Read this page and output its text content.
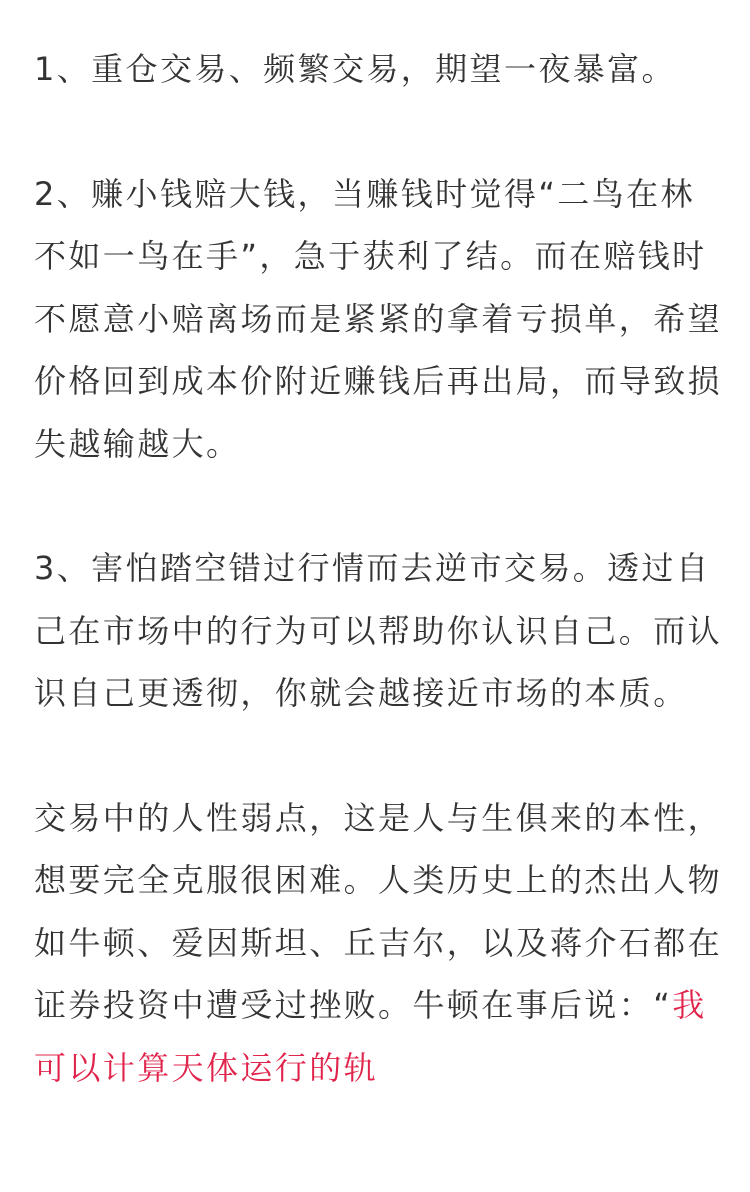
1、重仓交易、频繁交易，期望一夜暴富。

2、赚小钱赔大钱，当赚钱时觉得“二鸟在林不如一鸟在手”，急于获利了结。而在赔钱时不愿意小赔离场而是紧紧的拿着亏损单，希望价格回到成本价附近赚钱后再出局，而导致损失越输越大。

3、害怕踏空错过行情而去逆市交易。透过自己在市场中的行为可以帮助你认识自己。而认识自己更透彻，你就会越接近市场的本质。

交易中的人性弱点，这是人与生俱来的本性，想要完全克服很困难。人类历史上的杰出人物如牛顿、爱因斯坦、丘吉尔，以及蒋介石都在证券投资中遭受过挫败。牛顿在事后说：“我可以计算天体运行的轨
